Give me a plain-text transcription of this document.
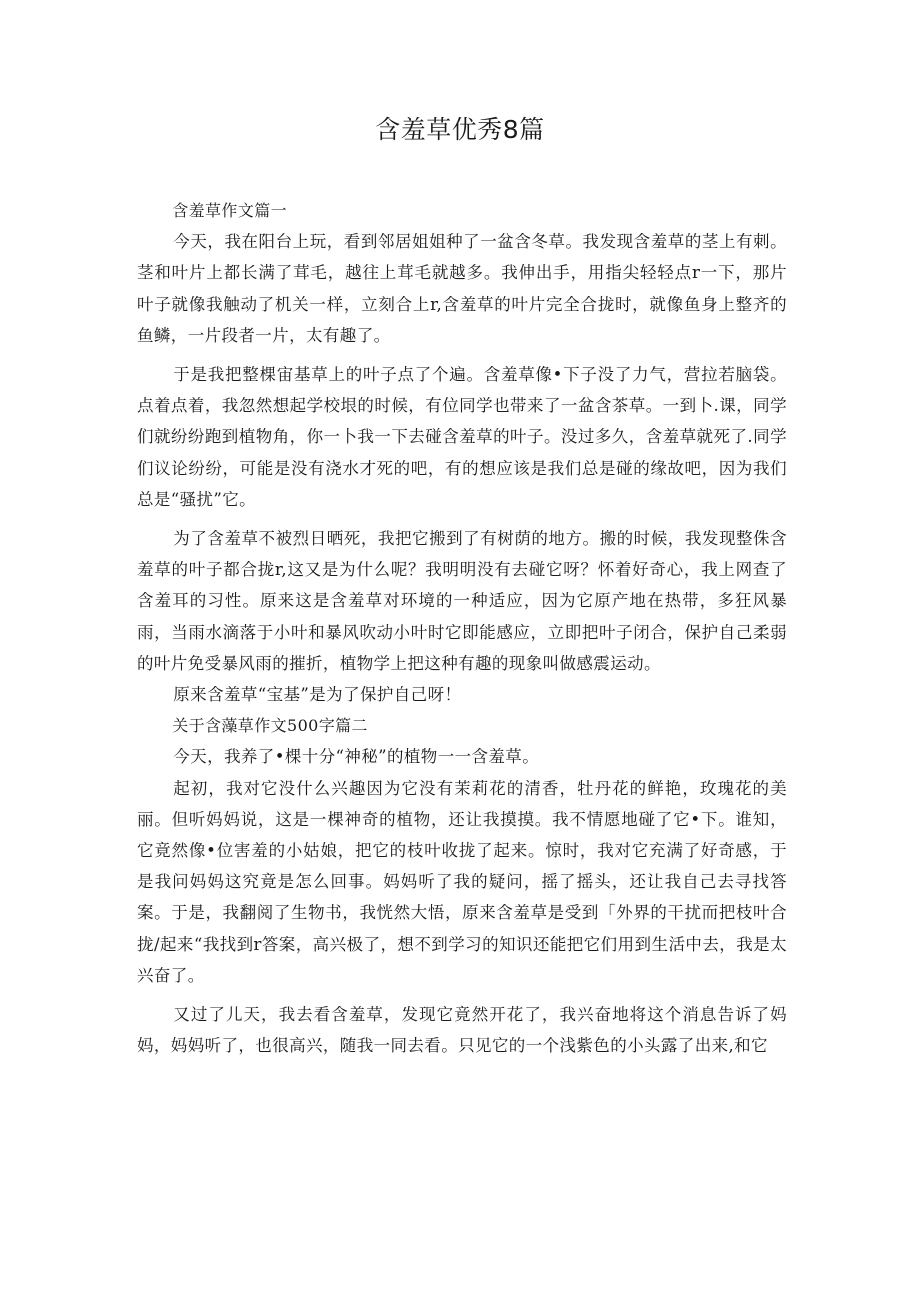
含羞草优秀8篇

含羞草作文篇一

今天，我在阳台上玩，看到邻居姐姐种了一盆含冬草。我发现含羞草的茎上有刺。茎和叶片上都长满了茸毛，越往上茸毛就越多。我伸出手，用指尖轻轻点r一下，那片叶子就像我触动了机关一样，立刻合上r,含羞草的叶片完全合拢时，就像鱼身上整齐的鱼鳞，一片段者一片，太有趣了。

于是我把整棵宙基草上的叶子点了个遍。含羞草像•下子没了力气，营拉若脑袋。点着点着，我忽然想起学校垠的时候，有位同学也带来了一盆含茶草。一到卜.课，同学们就纷纷跑到植物角，你一卜我一下去碰含羞草的叶子。没过多久，含羞草就死了.同学们议论纷纷，可能是没有浇水才死的吧，有的想应该是我们总是碰的缘故吧，因为我们总是“骚扰”它。

为了含羞草不被烈日晒死，我把它搬到了有树荫的地方。搬的时候，我发现整侏含羞草的叶子都合拢r,这又是为什么呢？我明明没有去碰它呀？怀着好奇心，我上网查了含羞耳的习性。原来这是含羞草对环境的一种适应，因为它原产地在热带，多狂风暴雨，当雨水滴落于小叶和暴风吹动小叶时它即能感应，立即把叶子闭合，保护自己柔弱的叶片免受暴风雨的摧折，植物学上把这种有趣的现象叫做感震运动。

原来含羞草“宝基”是为了保护自己呀！

关于含藻草作文500字篇二

今天，我养了•棵十分“神秘”的植物一一含羞草。

起初，我对它没什么兴趣因为它没有茉莉花的清香，牡丹花的鲜艳，玫瑰花的美丽。但听妈妈说，这是一棵神奇的植物，还让我摸摸。我不情愿地碰了它•下。谁知，它竟然像•位害羞的小姑娘，把它的枝叶收拢了起来。惊时，我对它充满了好奇感，于是我问妈妈这究竟是怎么回事。妈妈听了我的疑问，摇了摇头，还让我自己去寻找答案。于是，我翻阅了生物书，我恍然大悟，原来含羞草是受到「外界的干扰而把枝叶合拢/起来“我找到r答案，高兴极了，想不到学习的知识还能把它们用到生活中去，我是太兴奋了。

又过了儿天，我去看含羞草，发现它竟然开花了，我兴奋地将这个消息告诉了妈妈，妈妈听了，也很高兴，随我一同去看。只见它的一个浅紫色的小头露了出来,和它
